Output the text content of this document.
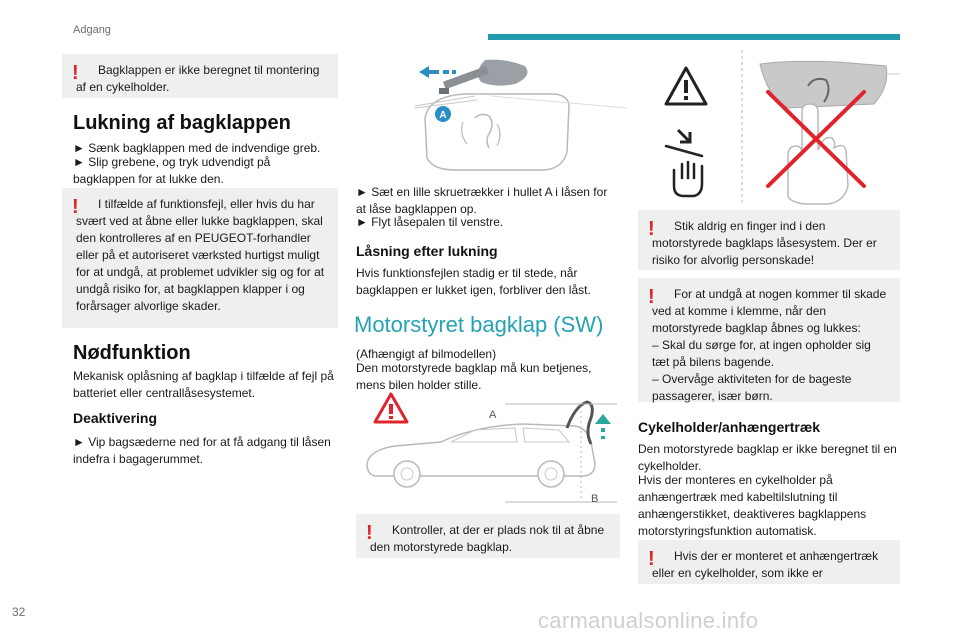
Adgang
!	Bagklappen er ikke beregnet til montering af en cykelholder.

Lukning af bagklappen
► Sænk bagklappen med de indvendige greb.
► Slip grebene, og tryk udvendigt på bagklappen for at lukke den.
!	I tilfælde af funktionsfejl, eller hvis du har svært ved at åbne eller lukke bagklappen, skal den kontrolleres af en PEUGEOT-forhandler eller på et autoriseret værksted hurtigst muligt for at undgå, at problemet udvikler sig og for at undgå risiko for, at bagklappen klapper i og forårsager alvorlige skader.

Nødfunktion
Mekanisk oplåsning af bagklap i tilfælde af fejl på batteriet eller centrallåsesystemet.
Deaktivering
► Vip bagsæderne ned for at få adgang til låsen indefra i bagagerummet.
A
► Sæt en lille skruetrækker i hullet A i låsen for at låse bagklappen op.
► Flyt låsepalen til venstre.
Låsning efter lukning
Hvis funktionsfejlen stadig er til stede, når bagklappen er lukket igen, forbliver den låst.
Motorstyret bagklap (SW)
(Afhængigt af bilmodellen)
Den motorstyrede bagklap må kun betjenes, mens bilen holder stille.
A
B
!	Kontroller, at der er plads nok til at åbne den motorstyrede bagklap.

!	Stik aldrig en finger ind i den motorstyrede bagklaps låsesystem. Der er risiko for alvorlig personskade!

!	For at undgå at nogen kommer til skade ved at komme i klemme, når den motorstyrede bagklap åbnes og lukkes:

– Skal du sørge for, at ingen opholder sig tæt på bilens bagende.
– Overvåge aktiviteten for de bageste passagerer, især børn.
Cykelholder/anhængertræk
Den motorstyrede bagklap er ikke beregnet til en cykelholder.
Hvis der monteres en cykelholder på anhængertræk med kabeltilslutning til anhængerstikket, deaktiveres bagklappens motorstyringsfunktion automatisk.
!	Hvis der er monteret et anhængertræk eller en cykelholder, som ikke er

32	carmanualsonline.info
